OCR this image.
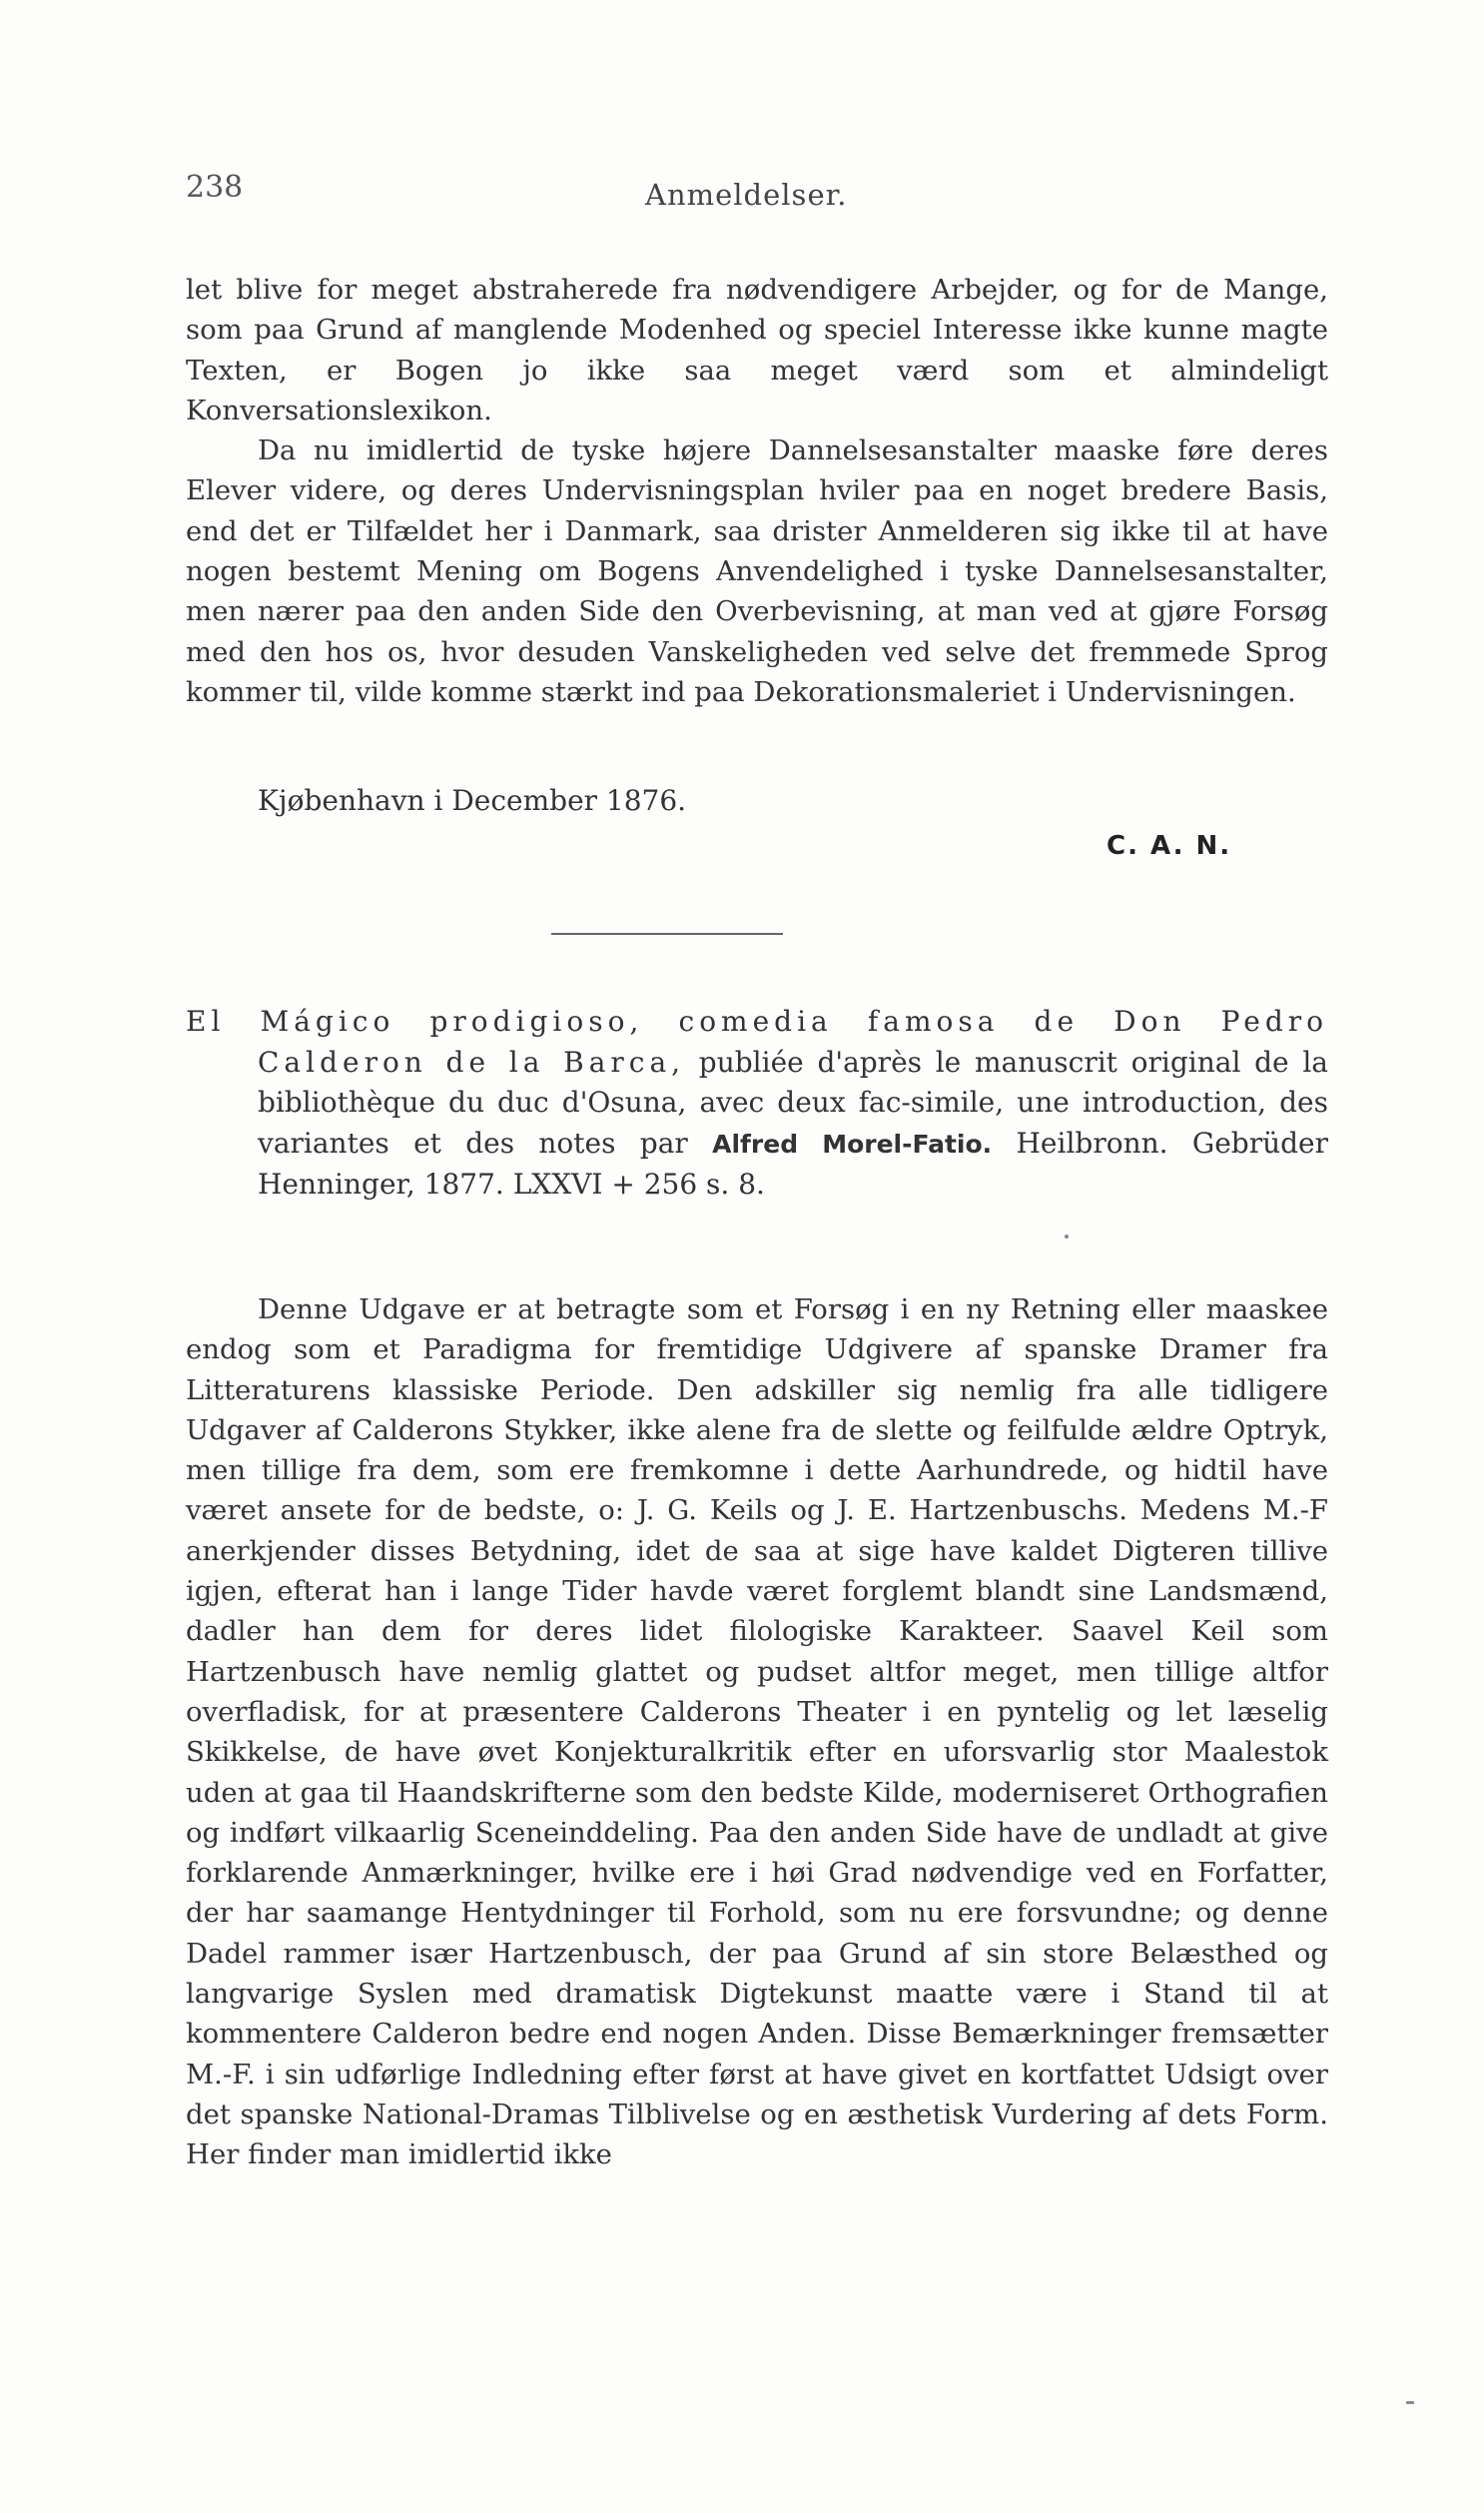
238	Anmeldelser.

let blive for meget abstraherede fra nødvendigere Arbejder, og for de Mange, som paa Grund af manglende Modenhed og speciel Interesse ikke kunne magte Texten, er Bogen jo ikke saa meget værd som et almindeligt Konversationslexikon.

Da nu imidlertid de tyske højere Dannelsesanstalter maaske føre deres Elever videre, og deres Undervisningsplan hviler paa en noget bredere Basis, end det er Tilfældet her i Danmark, saa drister Anmelderen sig ikke til at have nogen bestemt Mening om Bogens Anvendelighed i tyske Dannelsesanstalter, men nærer paa den anden Side den Overbevisning, at man ved at gjøre Forsøg med den hos os, hvor desuden Vanskeligheden ved selve det fremmede Sprog kommer til, vilde komme stærkt ind paa Dekorationsmaleriet i Undervisningen.

Kjøbenhavn i December 1876.
C. A. N.
El Mágico prodigioso, comedia famosa de Don Pedro Calderon de la Barca, publiée d'après le manuscrit original de la bibliothèque du duc d'Osuna, avec deux fac-simile, une introduction, des variantes et des notes par Alfred Morel-Fatio. Heilbronn. Gebrüder Henninger, 1877. LXXVI + 256 s. 8.

Denne Udgave er at betragte som et Forsøg i en ny Retning eller maaskee endog som et Paradigma for fremtidige Udgivere af spanske Dramer fra Litteraturens klassiske Periode. Den adskiller sig nemlig fra alle tidligere Udgaver af Calderons Stykker, ikke alene fra de slette og feilfulde ældre Optryk, men tillige fra dem, som ere fremkomne i dette Aarhundrede, og hidtil have været ansete for de bedste, o: J. G. Keils og J. E. Hartzenbuschs. Medens M.-F anerkjender disses Betydning, idet de saa at sige have kaldet Digteren tillive igjen, efterat han i lange Tider havde været forglemt blandt sine Landsmænd, dadler han dem for deres lidet filologiske Karakteer. Saavel Keil som Hartzenbusch have nemlig glattet og pudset altfor meget, men tillige altfor overfladisk, for at præsentere Calderons Theater i en pyntelig og let læselig Skikkelse, de have øvet Konjekturalkritik efter en uforsvarlig stor Maalestok uden at gaa til Haandskrifterne som den bedste Kilde, moderniseret Orthografien og indført vilkaarlig Sceneinddeling. Paa den anden Side have de undladt at give forklarende Anmærkninger, hvilke ere i høi Grad nødvendige ved en Forfatter, der har saamange Hentydninger til Forhold, som nu ere forsvundne; og denne Dadel rammer især Hartzenbusch, der paa Grund af sin store Belæsthed og langvarige Syslen med dramatisk Digtekunst maatte være i Stand til at kommentere Calderon bedre end nogen Anden. Disse Bemærkninger fremsætter M.-F. i sin udførlige Indledning efter først at have givet en kortfattet Udsigt over det spanske National-Dramas Tilblivelse og en æsthetisk Vurdering af dets Form. Her finder man imidlertid ikke
